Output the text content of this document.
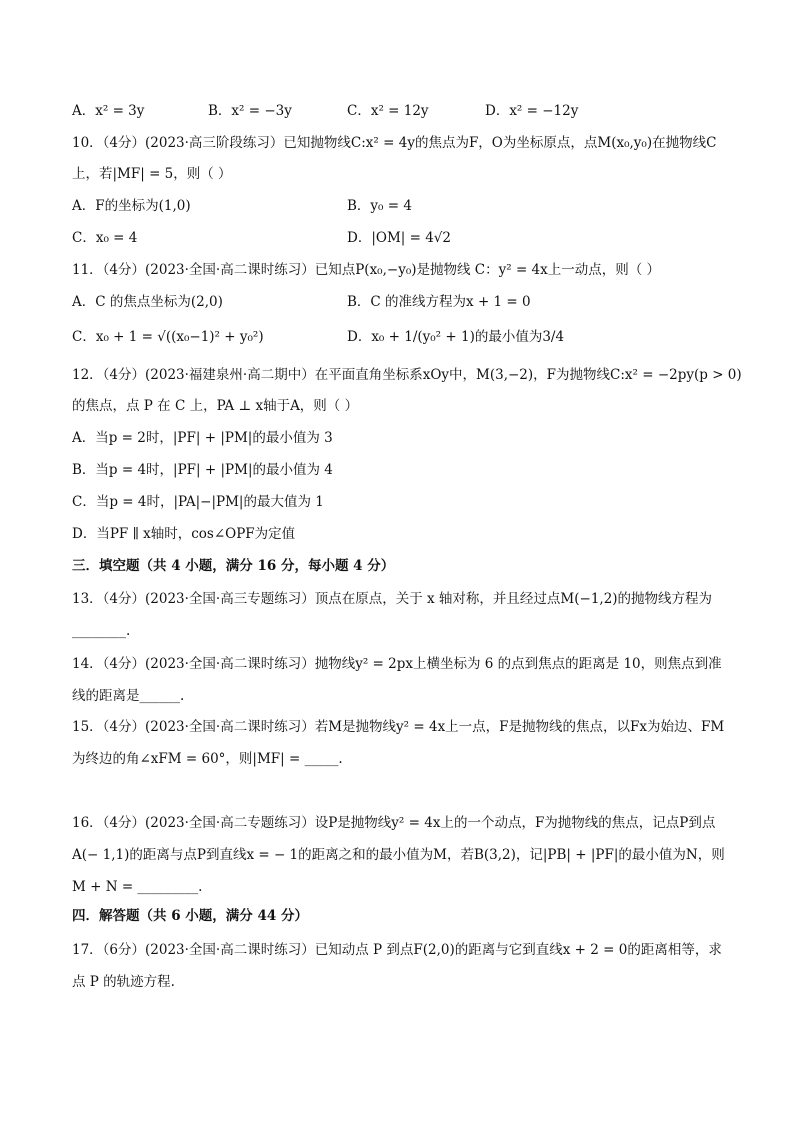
A．x² = 3y	B．x² = −3y	C．x² = 12y	D．x² = −12y
10．（4分）(2023·高三阶段练习）已知抛物线C:x² = 4y的焦点为F，O为坐标原点，点M(x₀,y₀)在抛物线C
上，若|MF| = 5，则（ ）
A．F的坐标为(1,0)	B．y₀ = 4
C．x₀ = 4	D．|OM| = 4√2
11．（4分）(2023·全国·高二课时练习）已知点P(x₀,−y₀)是抛物线 C：y² = 4x上一动点，则（ ）
A．C 的焦点坐标为(2,0)	B．C 的准线方程为x + 1 = 0
C．x₀ + 1 = √((x₀−1)² + y₀²)	D．x₀ + 1/(y₀² + 1)的最小值为3/4
12．（4分）(2023·福建泉州·高二期中）在平面直角坐标系xOy中，M(3,−2)，F为抛物线C:x² = −2py(p > 0)
的焦点，点 P 在 C 上，PA ⊥ x轴于A，则（ ）
A．当p = 2时，|PF| + |PM|的最小值为 3
B．当p = 4时，|PF| + |PM|的最小值为 4
C．当p = 4时，|PA|−|PM|的最大值为 1
D．当PF ∥ x轴时，cos∠OPF为定值
三．填空题（共 4 小题，满分 16 分，每小题 4 分）
13．（4分）(2023·全国·高三专题练习）顶点在原点，关于 x 轴对称，并且经过点M(−1,2)的抛物线方程为
________.
14．（4分）(2023·全国·高二课时练习）抛物线y² = 2px上横坐标为 6 的点到焦点的距离是 10，则焦点到准
线的距离是______.
15．（4分）(2023·全国·高二课时练习）若M是抛物线y² = 4x上一点，F是抛物线的焦点，以Fx为始边、FM
为终边的角∠xFM = 60°，则|MF| = _____.
16．（4分）(2023·全国·高二专题练习）设P是抛物线y² = 4x上的一个动点，F为抛物线的焦点，记点P到点
A(− 1,1)的距离与点P到直线x = − 1的距离之和的最小值为M，若B(3,2)，记|PB| + |PF|的最小值为N，则
M + N = _________.
四．解答题（共 6 小题，满分 44 分）
17．（6分）(2023·全国·高二课时练习）已知动点 P 到点F(2,0)的距离与它到直线x + 2 = 0的距离相等，求
点 P 的轨迹方程.
